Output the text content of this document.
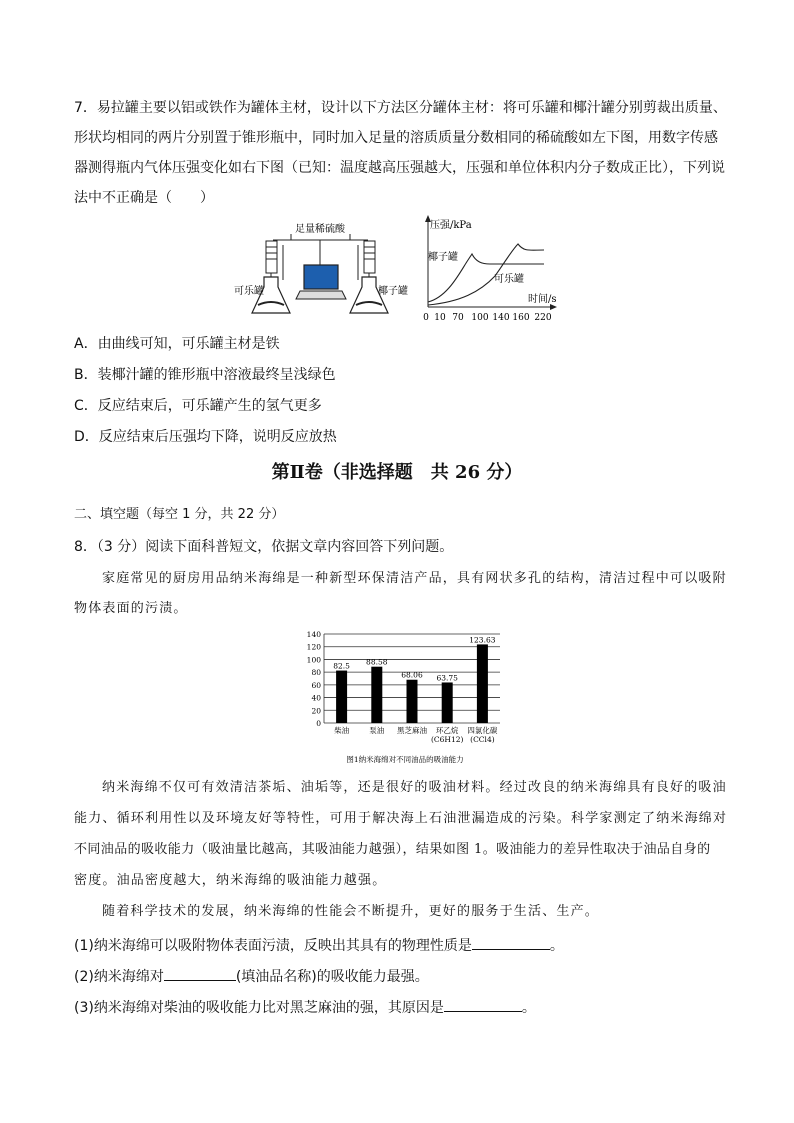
7．易拉罐主要以铝或铁作为罐体主材，设计以下方法区分罐体主材：将可乐罐和椰汁罐分别剪裁出质量、
形状均相同的两片分别置于锥形瓶中，同时加入足量的溶质质量分数相同的稀硫酸如左下图，用数字传感
器测得瓶内气体压强变化如右下图（已知：温度越高压强越大，压强和单位体积内分子数成正比），下列说
法中不正确是（　　）
足量稀硫酸
可乐罐	椰子罐
压强/kPa
时间/s
椰子罐
可乐罐
0 10 70 100 140 160 220
A．由曲线可知，可乐罐主材是铁
B．装椰汁罐的锥形瓶中溶液最终呈浅绿色
C．反应结束后，可乐罐产生的氢气更多
D．反应结束后压强均下降，说明反应放热
第Ⅱ卷（非选择题　共 26 分）
二、填空题（每空 1 分，共 22 分）
8．（3 分）阅读下面科普短文，依据文章内容回答下列问题。
家庭常见的厨房用品纳米海绵是一种新型环保清洁产品，具有网状多孔的结构，清洁过程中可以吸附
物体表面的污渍。
0
20
40
60
80
100
120
140
82.5
柴油
88.58
泵油
68.06
黑芝麻油
63.75
环乙烷
(C6H12)
123.63
四氯化碳
(CCl4)
图1纳米海绵对不同油品的吸油能力
纳米海绵不仅可有效清洁茶垢、油垢等，还是很好的吸油材料。经过改良的纳米海绵具有良好的吸油
能力、循环利用性以及环境友好等特性，可用于解决海上石油泄漏造成的污染。科学家测定了纳米海绵对
不同油品的吸收能力（吸油量比越高，其吸油能力越强），结果如图 1。吸油能力的差异性取决于油品自身的
密度。油品密度越大，纳米海绵的吸油能力越强。
随着科学技术的发展，纳米海绵的性能会不断提升，更好的服务于生活、生产。
(1)纳米海绵可以吸附物体表面污渍，反映出其具有的物理性质是	。
(2)纳米海绵对	(填油品名称)的吸收能力最强。
(3)纳米海绵对柴油的吸收能力比对黑芝麻油的强，其原因是	。
